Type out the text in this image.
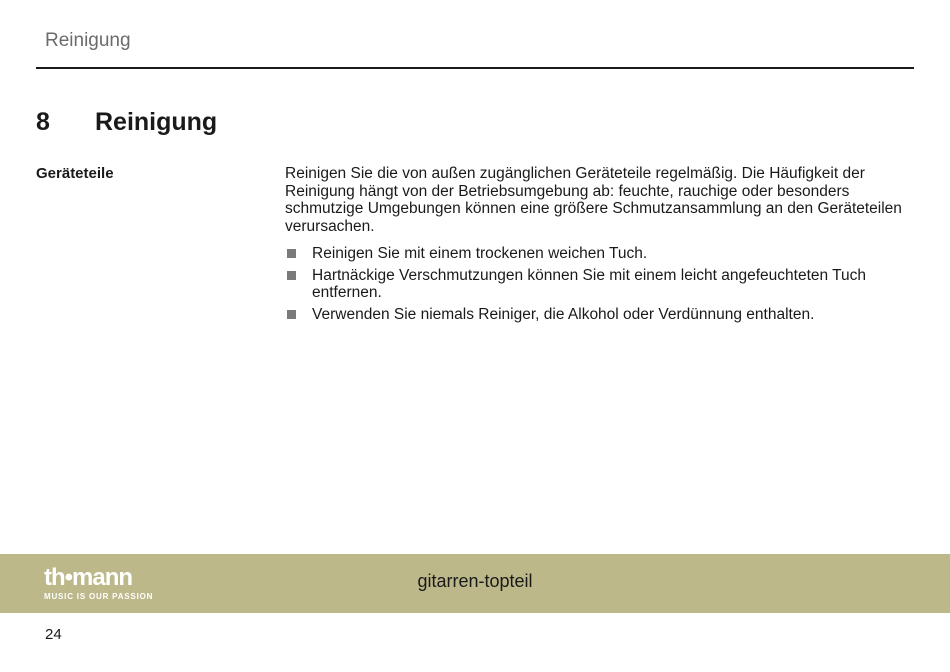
Reinigung
8 Reinigung
Geräteteile	Reinigen Sie die von außen zugänglichen Geräteteile regelmäßig. Die Häufigkeit der Reinigung hängt von der Betriebsumgebung ab: feuchte, rauchige oder besonders schmutzige Umgebungen können eine größere Schmutzansammlung an den Geräteteilen verursachen.

Reinigen Sie mit einem trockenen weichen Tuch.
Hartnäckige Verschmutzungen können Sie mit einem leicht angefeuchteten Tuch entfernen.
Verwenden Sie niemals Reiniger, die Alkohol oder Verdünnung enthalten.
th•mann
MUSIC IS OUR PASSION
gitarren-topteil
24
